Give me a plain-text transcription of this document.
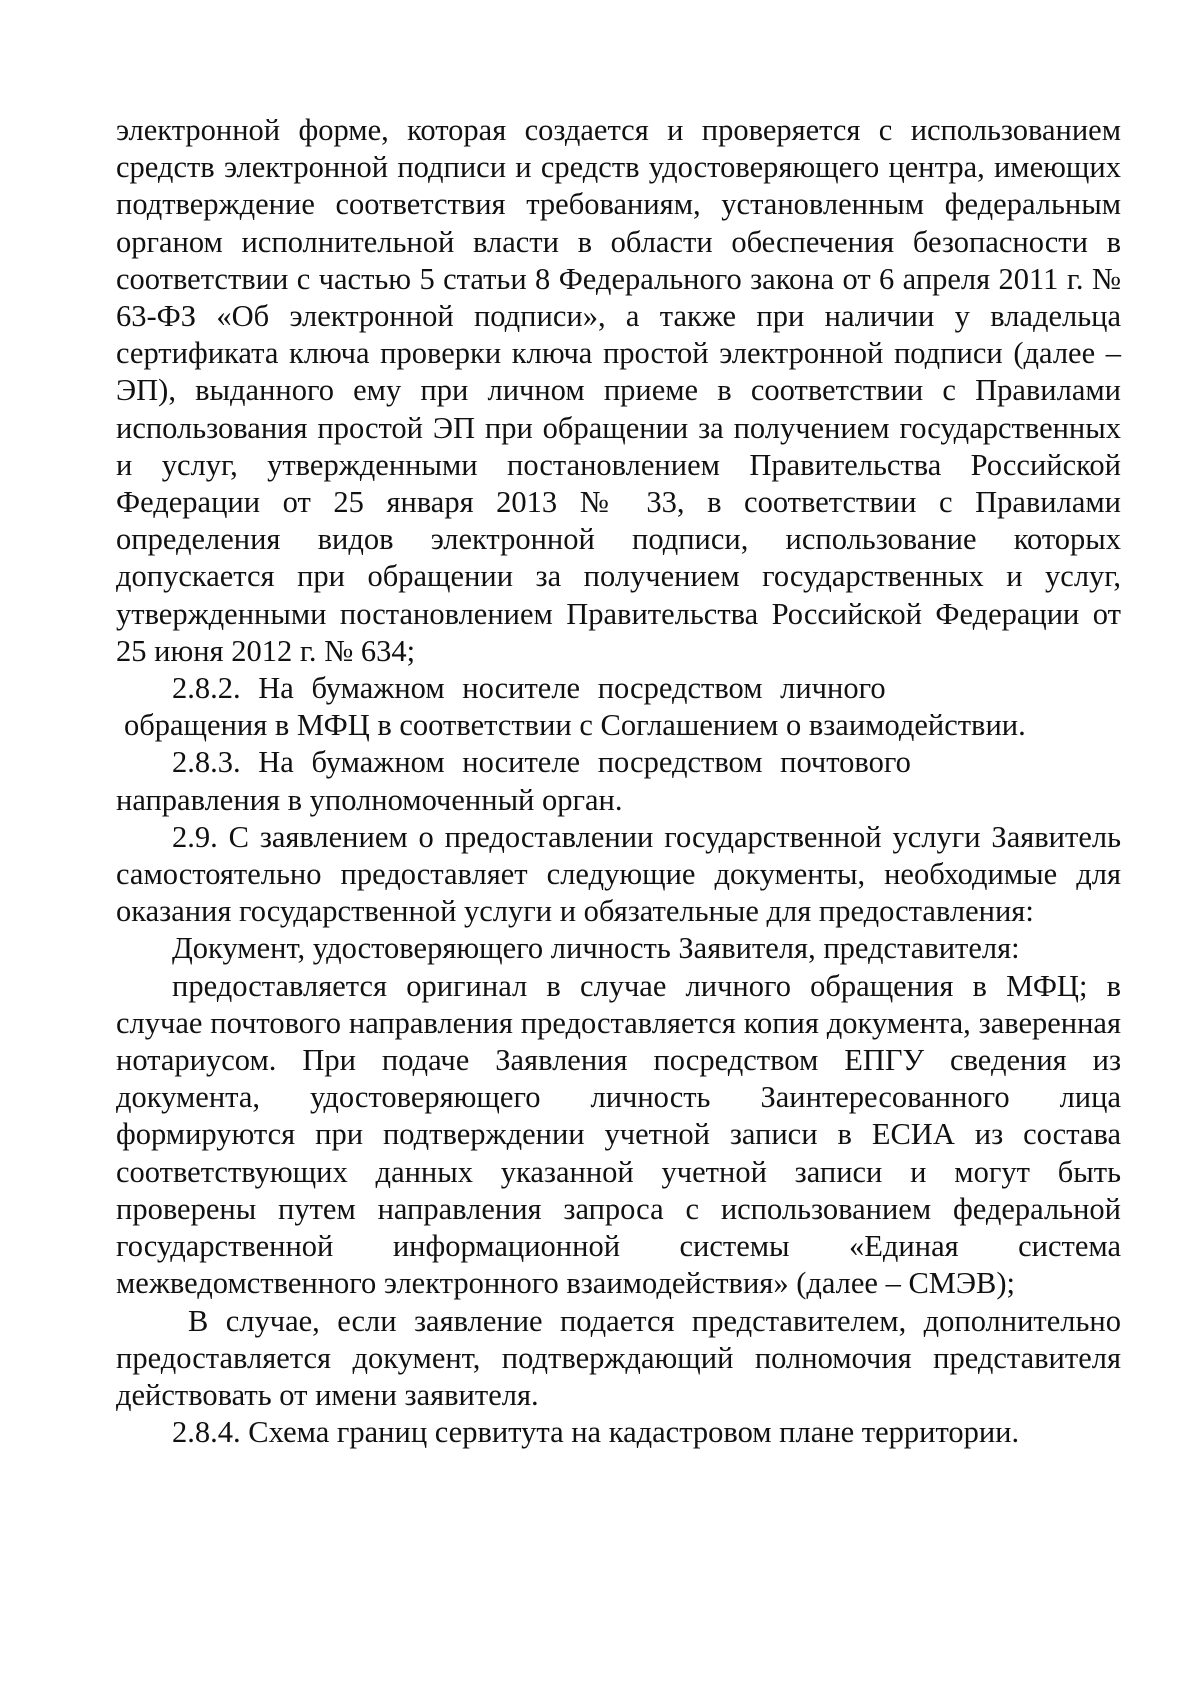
электронной форме, которая создается и проверяется с использованием средств электронной подписи и средств удостоверяющего центра, имеющих подтверждение соответствия требованиям, установленным федеральным органом исполнительной власти в области обеспечения безопасности в соответствии с частью 5 статьи 8 Федерального закона от 6 апреля 2011 г. № 63-ФЗ «Об электронной подписи», а также при наличии у владельца сертификата ключа проверки ключа простой электронной подписи (далее – ЭП), выданного ему при личном приеме в соответствии с Правилами использования простой ЭП при обращении за получением государственных и услуг, утвержденными постановлением Правительства Российской Федерации от 25 января 2013 № 33, в соответствии с Правилами определения видов электронной подписи, использование которых допускается при обращении за получением государственных и услуг, утвержденными постановлением Правительства Российской Федерации от 25 июня 2012 г. № 634;

2.8.2. На бумажном носителе посредством личного
обращения в МФЦ в соответствии с Соглашением о взаимодействии.
2.8.3. На бумажном носителе посредством почтового
направления в уполномоченный орган.

2.9. С заявлением о предоставлении государственной услуги Заявитель самостоятельно предоставляет следующие документы, необходимые для оказания государственной услуги и обязательные для предоставления:

Документ, удостоверяющего личность Заявителя, представителя:

предоставляется оригинал в случае личного обращения в МФЦ; в случае почтового направления предоставляется копия документа, заверенная нотариусом. При подаче Заявления посредством ЕПГУ сведения из документа, удостоверяющего личность Заинтересованного лица формируются при подтверждении учетной записи в ЕСИА из состава соответствующих данных указанной учетной записи и могут быть проверены путем направления запроса с использованием федеральной государственной информационной системы «Единая система межведомственного электронного взаимодействия» (далее – СМЭВ);

В случае, если заявление подается представителем, дополнительно предоставляется документ, подтверждающий полномочия представителя действовать от имени заявителя.

2.8.4. Схема границ сервитута на кадастровом плане территории.
